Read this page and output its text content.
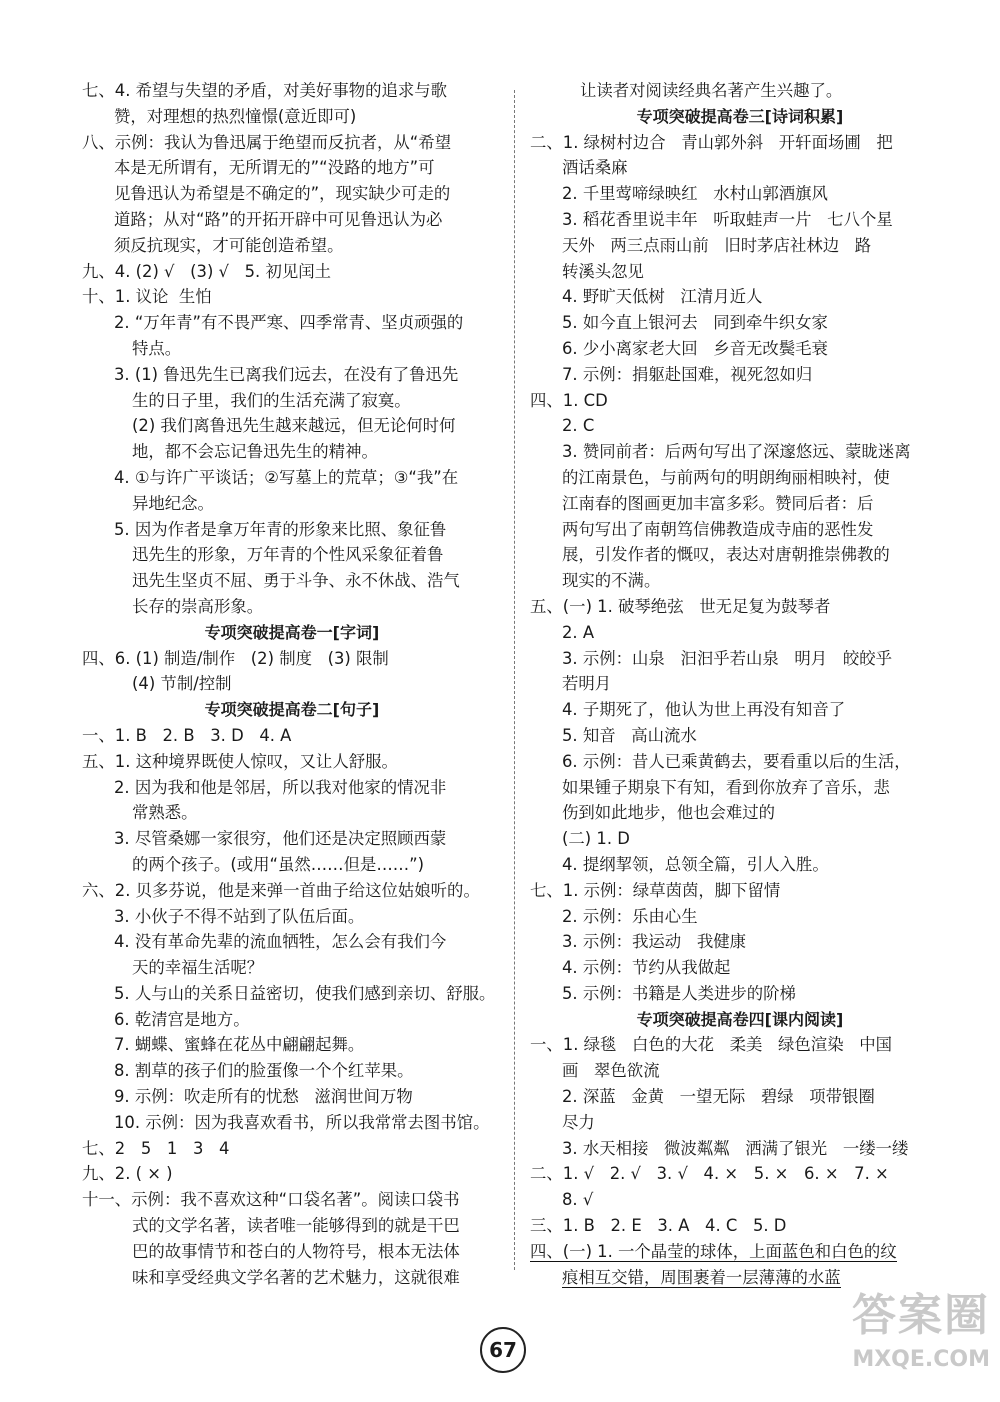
七、4. 希望与失望的矛盾，对美好事物的追求与歌
赞，对理想的热烈憧憬(意近即可)
八、示例：我认为鲁迅属于绝望而反抗者，从“希望
本是无所谓有，无所谓无的”“没路的地方”可
见鲁迅认为希望是不确定的”，现实缺少可走的
道路；从对“路”的开拓开辟中可见鲁迅认为必
须反抗现实，才可能创造希望。
九、4. (2) √   (3) √   5. 初见闰土
十、1. 议论  生怕
2. “万年青”有不畏严寒、四季常青、坚贞顽强的
特点。
3. (1) 鲁迅先生已离我们远去，在没有了鲁迅先
生的日子里，我们的生活充满了寂寞。
(2) 我们离鲁迅先生越来越远，但无论何时何
地，都不会忘记鲁迅先生的精神。
4. ①与许广平谈话；②写墓上的荒草；③“我”在
异地纪念。
5. 因为作者是拿万年青的形象来比照、象征鲁
迅先生的形象，万年青的个性风采象征着鲁
迅先生坚贞不屈、勇于斗争、永不休战、浩气
长存的崇高形象。
专项突破提高卷一[字词]
四、6. (1) 制造/制作   (2) 制度   (3) 限制
(4) 节制/控制
专项突破提高卷二[句子]
一、1. B   2. B   3. D   4. A
五、1. 这种境界既使人惊叹，又让人舒服。
2. 因为我和他是邻居，所以我对他家的情况非
常熟悉。
3. 尽管桑娜一家很穷，他们还是决定照顾西蒙
的两个孩子。(或用“虽然……但是……”)
六、2. 贝多芬说，他是来弹一首曲子给这位姑娘听的。
3. 小伙子不得不站到了队伍后面。
4. 没有革命先辈的流血牺牲，怎么会有我们今
天的幸福生活呢？
5. 人与山的关系日益密切，使我们感到亲切、舒服。
6. 乾清宫是地方。
7. 蝴蝶、蜜蜂在花丛中翩翩起舞。
8. 割草的孩子们的脸蛋像一个个红苹果。
9. 示例：吹走所有的忧愁   滋润世间万物
10. 示例：因为我喜欢看书，所以我常常去图书馆。
七、2   5   1   3   4
九、2. ( × )
十一、示例：我不喜欢这种“口袋名著”。阅读口袋书
式的文学名著，读者唯一能够得到的就是干巴
巴的故事情节和苍白的人物符号，根本无法体
味和享受经典文学名著的艺术魅力，这就很难
让读者对阅读经典名著产生兴趣了。
专项突破提高卷三[诗词积累]
二、1. 绿树村边合   青山郭外斜   开轩面场圃   把
酒话桑麻
2. 千里莺啼绿映红   水村山郭酒旗风
3. 稻花香里说丰年   听取蛙声一片   七八个星
天外   两三点雨山前   旧时茅店社林边   路
转溪头忽见
4. 野旷天低树   江清月近人
5. 如今直上银河去   同到牵牛织女家
6. 少小离家老大回   乡音无改鬓毛衰
7. 示例：捐躯赴国难，视死忽如归
四、1. CD
2. C
3. 赞同前者：后两句写出了深邃悠远、蒙眬迷离
的江南景色，与前两句的明朗绚丽相映衬，使
江南春的图画更加丰富多彩。赞同后者：后
两句写出了南朝笃信佛教造成寺庙的恶性发
展，引发作者的慨叹，表达对唐朝推崇佛教的
现实的不满。
五、(一) 1. 破琴绝弦   世无足复为鼓琴者
2. A
3. 示例：山泉   汩汩乎若山泉   明月   皎皎乎
若明月
4. 子期死了，他认为世上再没有知音了
5. 知音   高山流水
6. 示例：昔人已乘黄鹤去，要看重以后的生活，
如果锺子期泉下有知，看到你放弃了音乐，悲
伤到如此地步，他也会难过的
(二) 1. D
4. 提纲挈领，总领全篇，引人入胜。
七、1. 示例：绿草茵茵，脚下留情
2. 示例：乐由心生
3. 示例：我运动   我健康
4. 示例：节约从我做起
5. 示例：书籍是人类进步的阶梯
专项突破提高卷四[课内阅读]
一、1. 绿毯   白色的大花   柔美   绿色渲染   中国
画   翠色欲流
2. 深蓝   金黄   一望无际   碧绿   项带银圈
尽力
3. 水天相接   微波粼粼   洒满了银光   一缕一缕
二、1. √   2. √   3. √   4. ×   5. ×   6. ×   7. ×
8. √
三、1. B   2. E   3. A   4. C   5. D
四、(一) 1. 一个晶莹的球体，上面蓝色和白色的纹
痕相互交错，周围裹着一层薄薄的水蓝
67
答案圈
MXQE.COM
